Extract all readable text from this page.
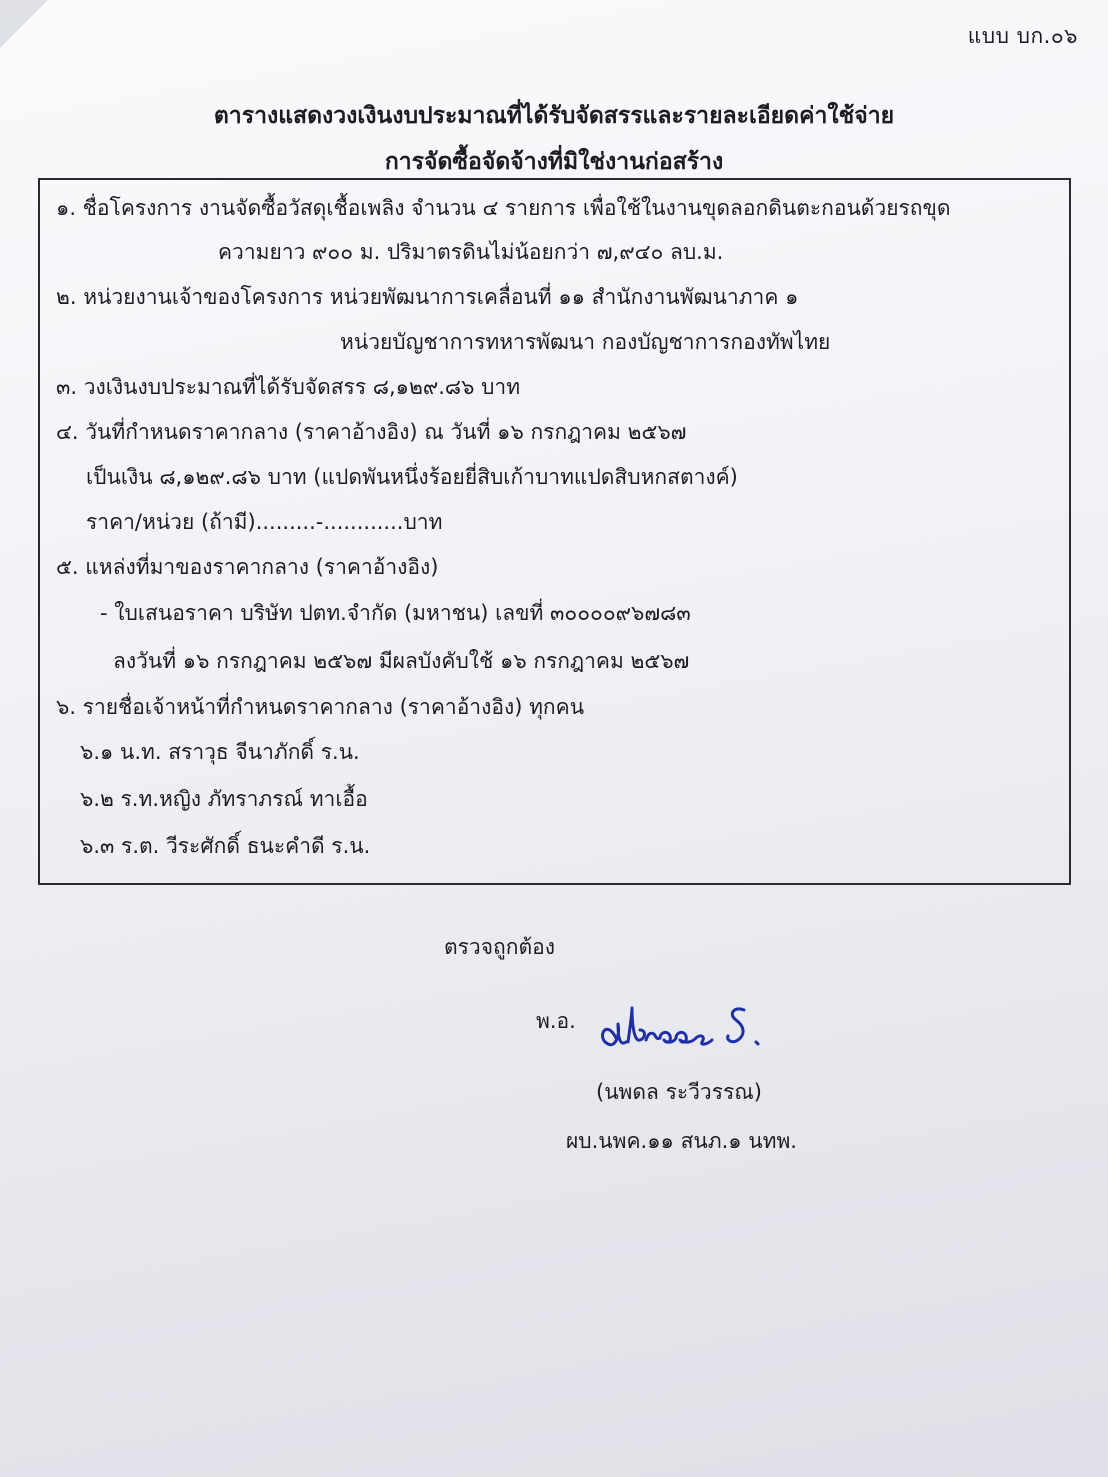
แบบ บก.๐๖
ตารางแสดงวงเงินงบประมาณที่ได้รับจัดสรรและรายละเอียดค่าใช้จ่าย
การจัดซื้อจัดจ้างที่มิใช่งานก่อสร้าง
๑. ชื่อโครงการ งานจัดซื้อวัสดุเชื้อเพลิง จำนวน ๔ รายการ เพื่อใช้ในงานขุดลอกดินตะกอนด้วยรถขุด
ความยาว ๙๐๐ ม. ปริมาตรดินไม่น้อยกว่า ๗,๙๔๐ ลบ.ม.
๒. หน่วยงานเจ้าของโครงการ หน่วยพัฒนาการเคลื่อนที่ ๑๑ สำนักงานพัฒนาภาค ๑
หน่วยบัญชาการทหารพัฒนา กองบัญชาการกองทัพไทย
๓. วงเงินงบประมาณที่ได้รับจัดสรร ๘,๑๒๙.๘๖ บาท
๔. วันที่กำหนดราคากลาง (ราคาอ้างอิง) ณ วันที่ ๑๖ กรกฎาคม ๒๕๖๗
เป็นเงิน ๘,๑๒๙.๘๖ บาท (แปดพันหนึ่งร้อยยี่สิบเก้าบาทแปดสิบหกสตางค์)
ราคา/หน่วย (ถ้ามี).........-............บาท
๕. แหล่งที่มาของราคากลาง (ราคาอ้างอิง)
- ใบเสนอราคา บริษัท ปตท.จำกัด (มหาชน) เลขที่ ๓๐๐๐๐๙๖๗๘๓
ลงวันที่ ๑๖ กรกฎาคม ๒๕๖๗ มีผลบังคับใช้ ๑๖ กรกฎาคม ๒๕๖๗
๖. รายชื่อเจ้าหน้าที่กำหนดราคากลาง (ราคาอ้างอิง) ทุกคน
๖.๑ น.ท. สราวุธ จีนาภักดิ์ ร.น.
๖.๒ ร.ท.หญิง ภัทราภรณ์ ทาเอื้อ
๖.๓ ร.ต. วีระศักดิ์ ธนะคำดี ร.น.
ตรวจถูกต้อง
พ.อ.
(นพดล ระวีวรรณ)
ผบ.นพค.๑๑ สนภ.๑ นทพ.
